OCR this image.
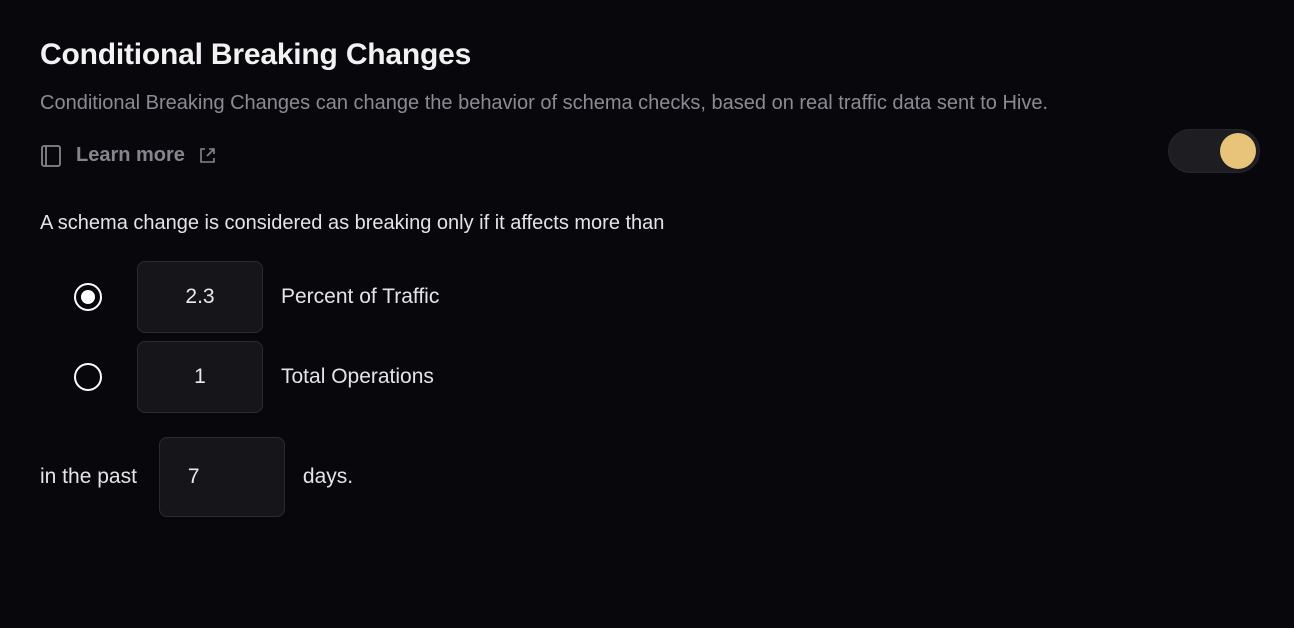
Conditional Breaking Changes

Conditional Breaking Changes can change the behavior of schema checks, based on real traffic data sent to Hive.

Learn more

A schema change is considered as breaking only if it affects more than

2.3	Percent of Traffic
1	Total Operations
in the past	7	days.
